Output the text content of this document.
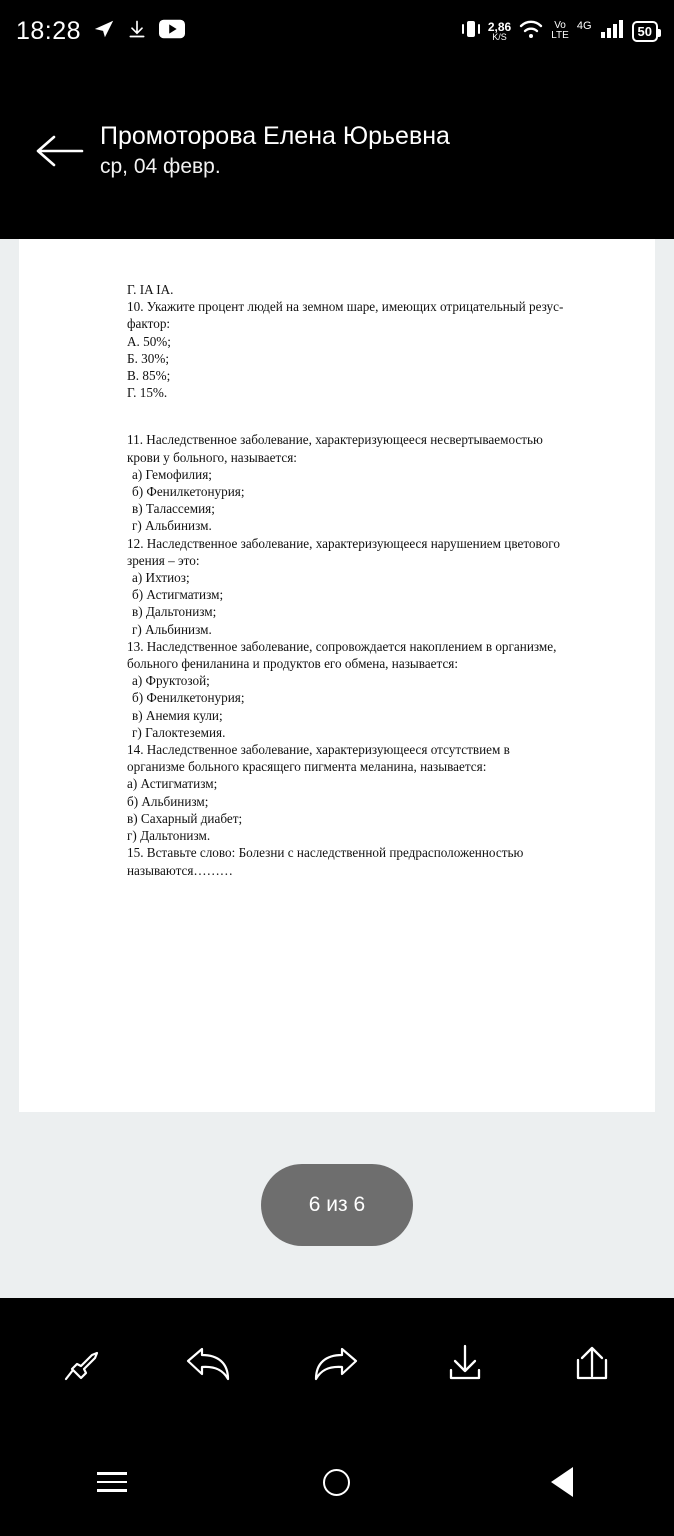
18:28	2,86
K/S
Vo
LTE
4G	50
Промоторова Елена Юрьевна
ср, 04 февр.

Г. IA IA.

10. Укажите процент людей на земном шаре, имеющих отрицательный резус-

фактор:

А. 50%;

Б. 30%;

В. 85%;

Г. 15%.

11. Наследственное заболевание, характеризующееся несвертываемостью

крови у больного, называется:

а) Гемофилия;

б) Фенилкетонурия;

в) Талассемия;

г) Альбинизм.

12. Наследственное заболевание, характеризующееся нарушением цветового

зрения – это:

а) Ихтиоз;

б) Астигматизм;

в) Дальтонизм;

г) Альбинизм.

13. Наследственное заболевание, сопровождается накоплением в организме,

больного фениланина и продуктов его обмена, называется:

а) Фруктозой;

б) Фенилкетонурия;

в) Анемия кули;

г) Галоктезeмия.

14. Наследственное заболевание, характеризующееся отсутствием в

организме больного красящего пигмента меланина, называется:

а) Астигматизм;

б) Альбинизм;

в) Сахарный диабет;

г) Дальтонизм.

15. Вставьте слово: Болезни с наследственной предрасположенностью

называются………

6 из 6
